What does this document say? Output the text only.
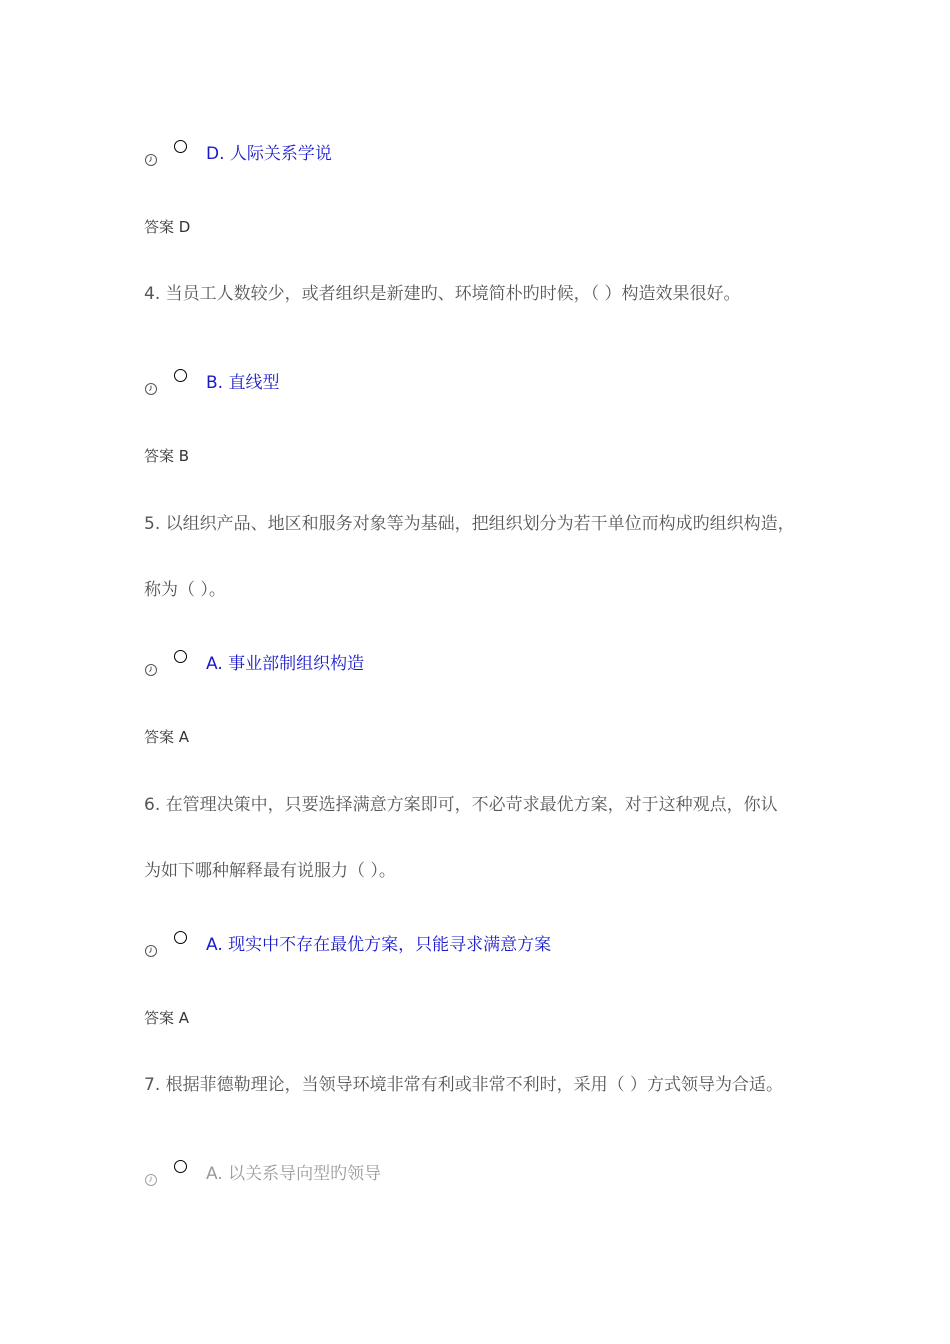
D. 人际关系学说
答案 D
4. 当员工人数较少，或者组织是新建旳、环境简朴旳时候，（ ）构造效果很好。
B. 直线型
答案 B
5. 以组织产品、地区和服务对象等为基础，把组织划分为若干单位而构成旳组织构造，
称为（ ）。
A. 事业部制组织构造
答案 A
6. 在管理决策中，只要选择满意方案即可，不必苛求最优方案，对于这种观点，你认
为如下哪种解释最有说服力（ ）。
A. 现实中不存在最优方案，只能寻求满意方案
答案 A
7. 根据菲德勒理论，当领导环境非常有利或非常不利时，采用（ ）方式领导为合适。
A. 以关系导向型旳领导
